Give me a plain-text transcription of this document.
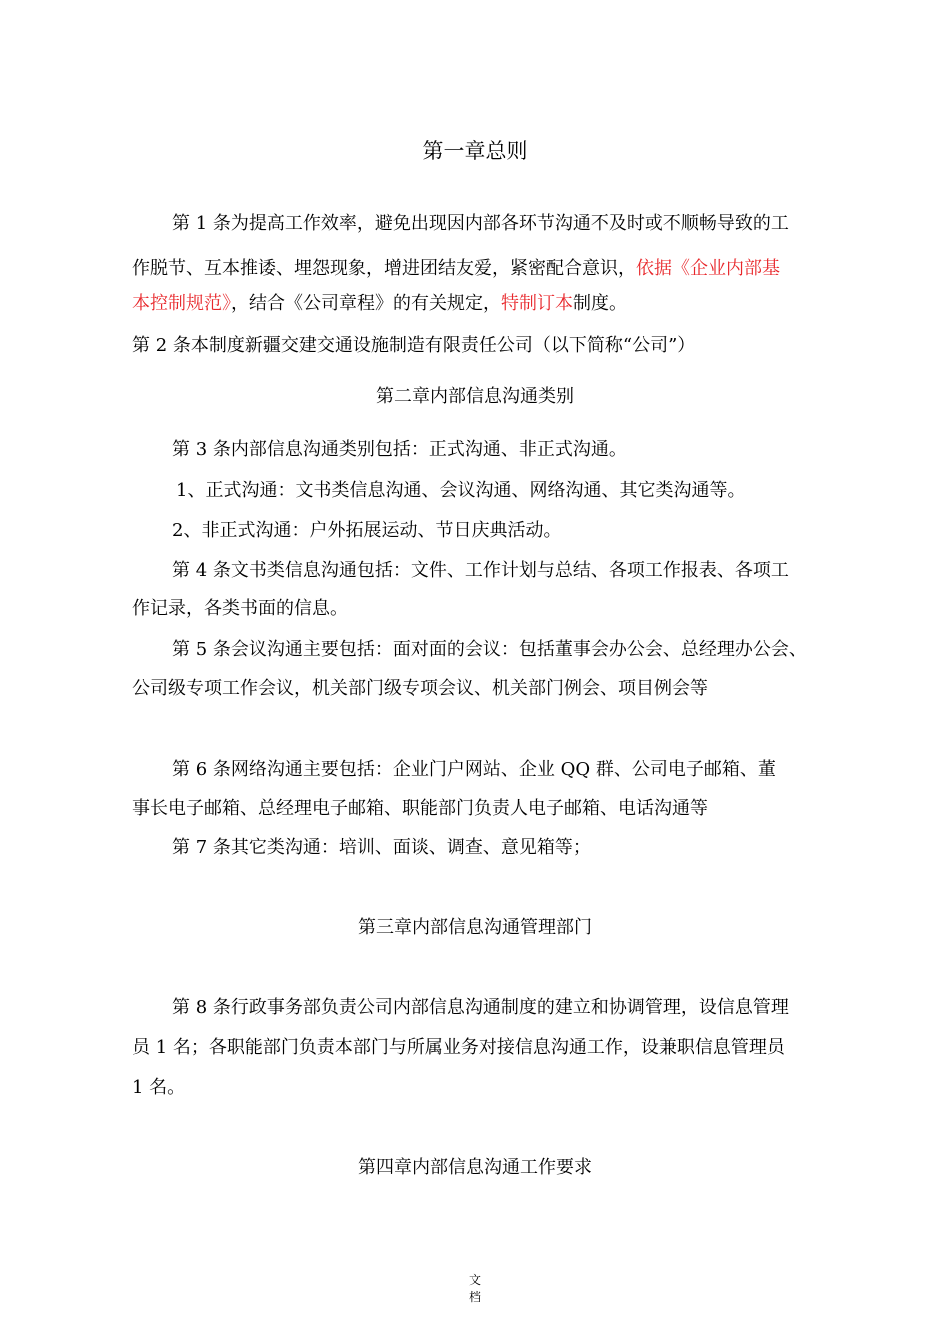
第一章总则
第 1 条为提高工作效率，避免出现因内部各环节沟通不及时或不顺畅导致的工
作脱节、互本推诿、埋怨现象，增进团结友爱，紧密配合意识，依据《企业内部基
本控制规范》，结合《公司章程》的有关规定，特制订本制度。
第 2 条本制度新疆交建交通设施制造有限责任公司（以下简称“公司”）
第二章内部信息沟通类别
第 3 条内部信息沟通类别包括：正式沟通、非正式沟通。
1、正式沟通：文书类信息沟通、会议沟通、网络沟通、其它类沟通等。
2、非正式沟通：户外拓展运动、节日庆典活动。
第 4 条文书类信息沟通包括：文件、工作计划与总结、各项工作报表、各项工
作记录，各类书面的信息。
第 5 条会议沟通主要包括：面对面的会议：包括董事会办公会、总经理办公会、
公司级专项工作会议，机关部门级专项会议、机关部门例会、项目例会等
第 6 条网络沟通主要包括：企业门户网站、企业 QQ 群、公司电子邮箱、董
事长电子邮箱、总经理电子邮箱、职能部门负责人电子邮箱、电话沟通等
第 7 条其它类沟通：培训、面谈、调查、意见箱等；
第三章内部信息沟通管理部门
第 8 条行政事务部负责公司内部信息沟通制度的建立和协调管理，设信息管理
员 1 名；各职能部门负责本部门与所属业务对接信息沟通工作，设兼职信息管理员
1 名。
第四章内部信息沟通工作要求
文
档
